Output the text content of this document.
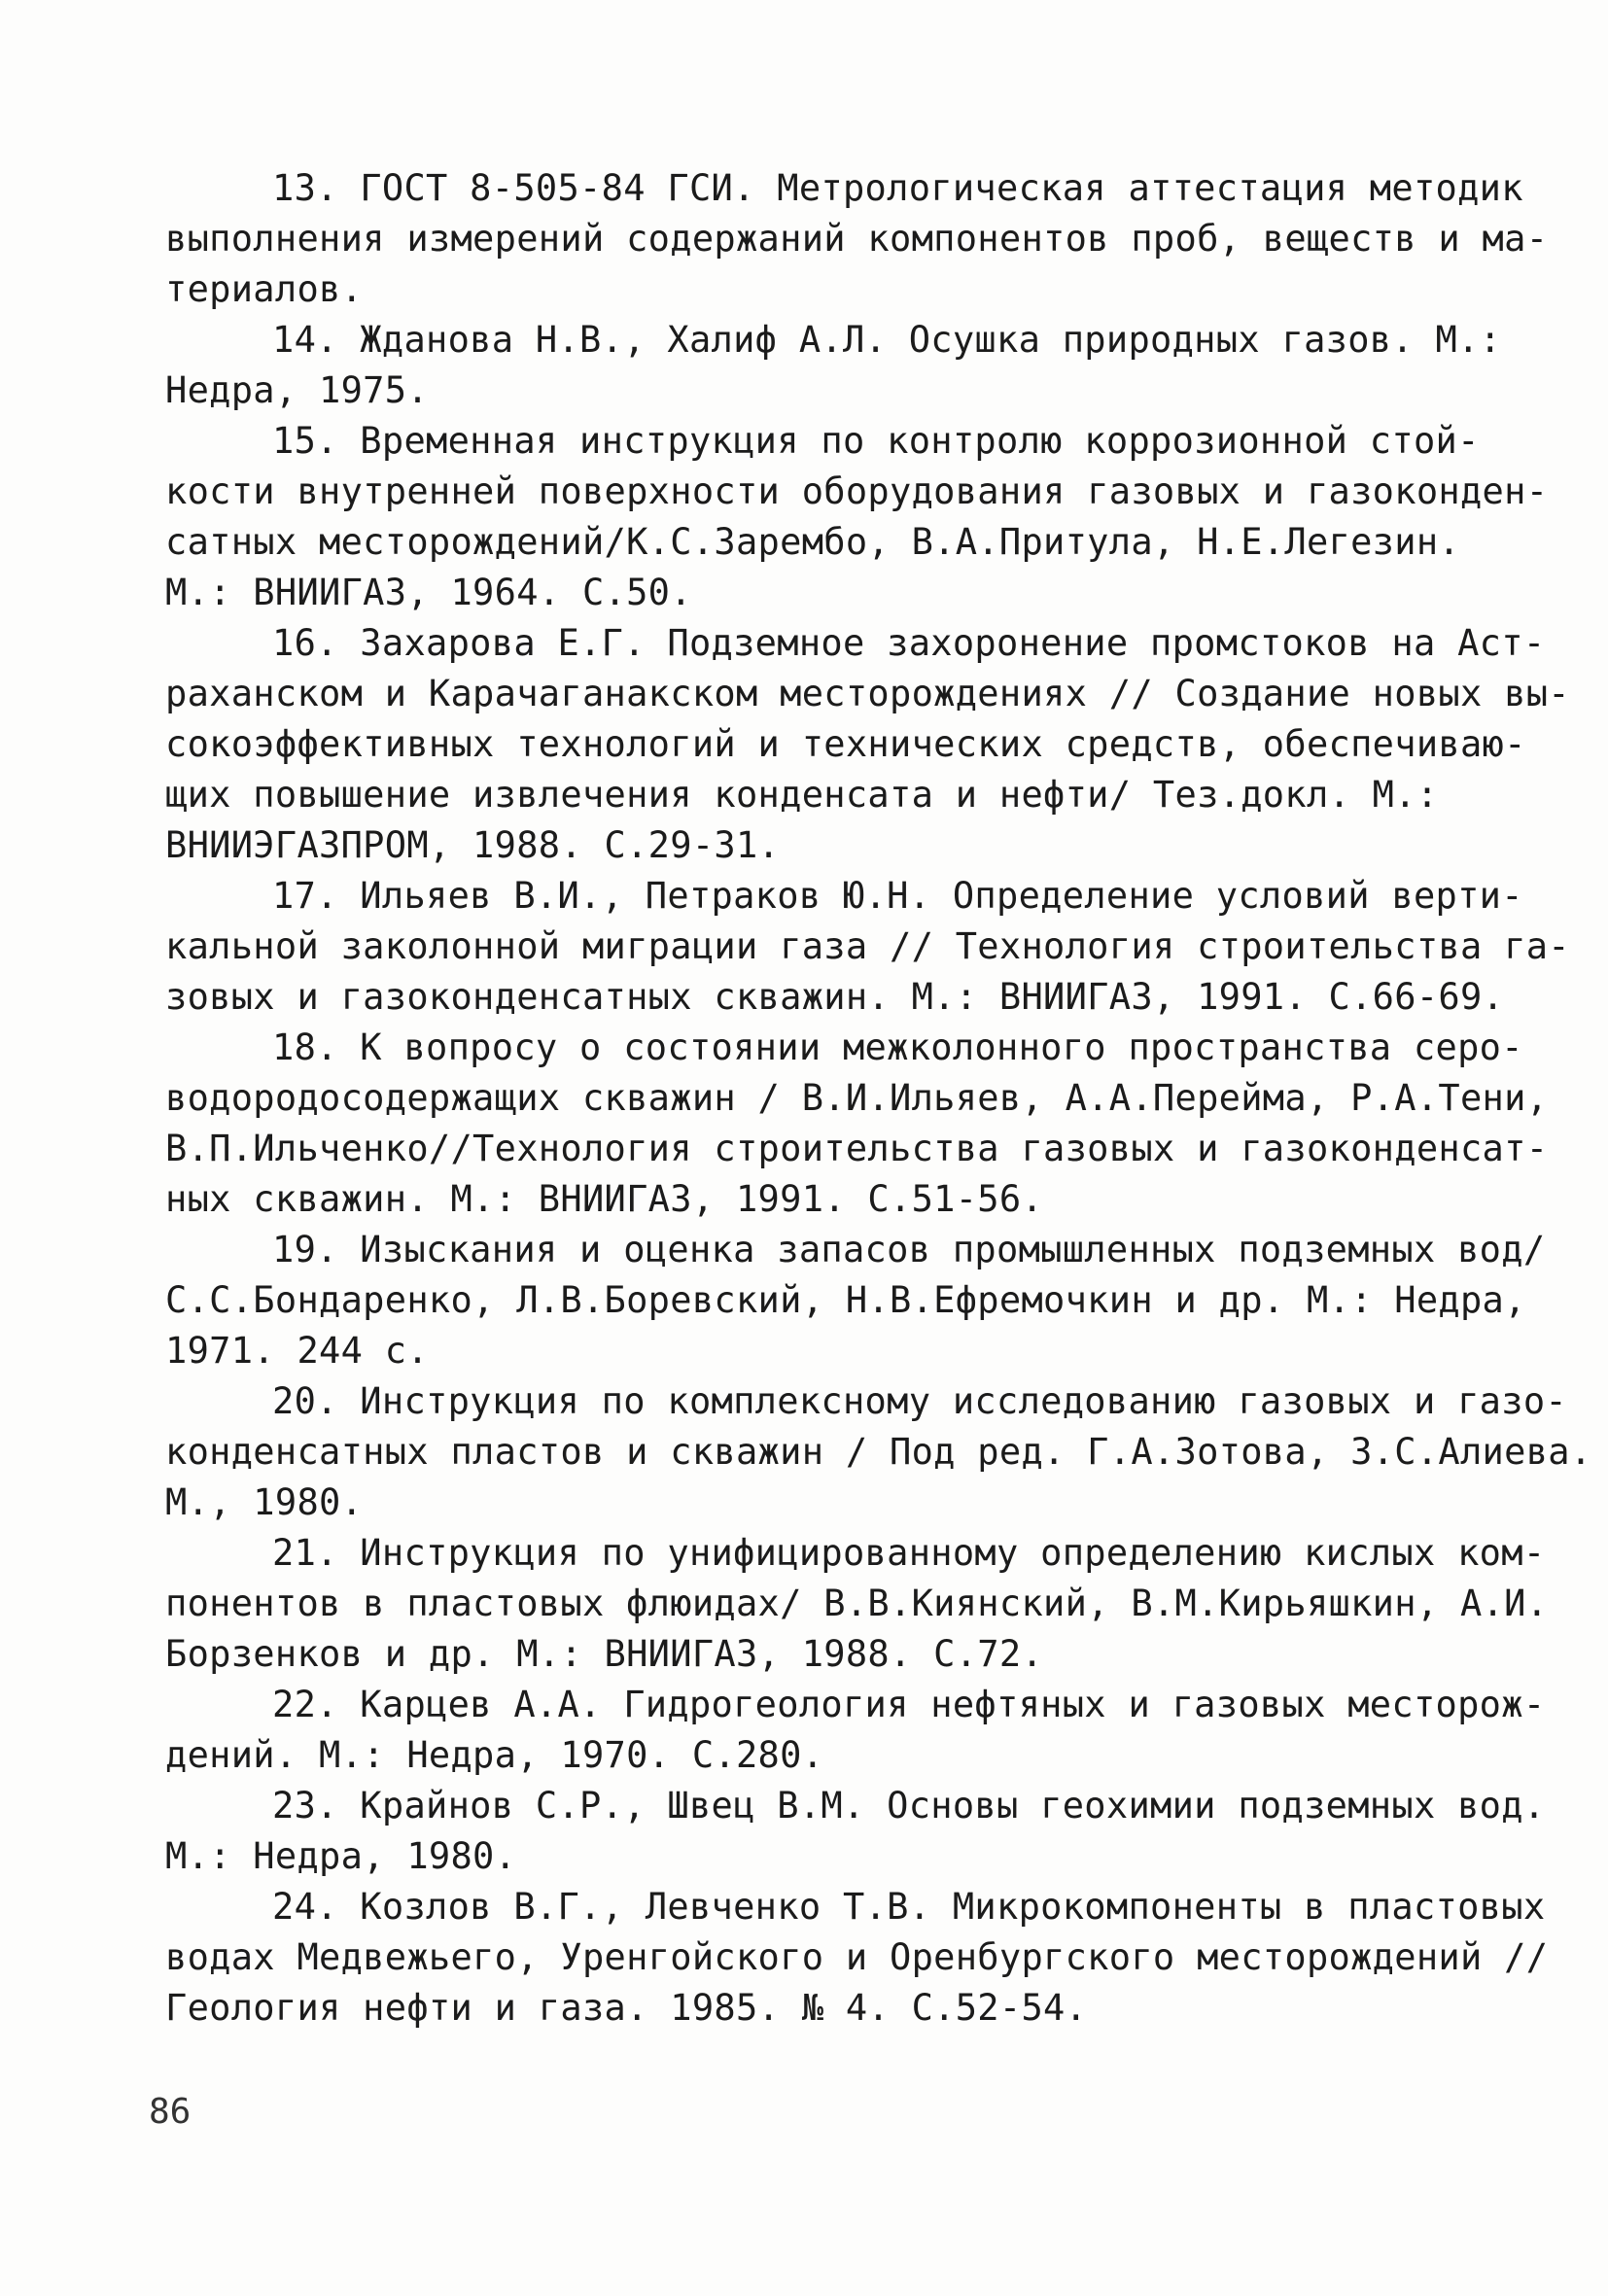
13. ГОСТ 8-505-84 ГСИ. Метрологическая аттестация методик
выполнения измерений содержаний компонентов проб, веществ и ма-
териалов.

14. Жданова Н.В., Халиф А.Л. Осушка природных газов. М.:
Недра, 1975.

15. Временная инструкция по контролю коррозионной стой-
кости внутренней поверхности оборудования газовых и газоконден-
сатных месторождений/К.С.Зарембо, В.А.Притула, Н.Е.Легезин.
М.: ВНИИГАЗ, 1964. С.50.

16. Захарова Е.Г. Подземное захоронение промстоков на Аст-
раханском и Карачаганакском месторождениях // Создание новых вы-
сокоэффективных технологий и технических средств, обеспечиваю-
щих повышение извлечения конденсата и нефти/ Тез.докл. М.:
ВНИИЭГАЗПРОМ, 1988. С.29-31.

17. Ильяев В.И., Петраков Ю.Н. Определение условий верти-
кальной заколонной миграции газа // Технология строительства га-
зовых и газоконденсатных скважин. М.: ВНИИГАЗ, 1991. С.66-69.

18. К вопросу о состоянии межколонного пространства серо-
водородосодержащих скважин / В.И.Ильяев, А.А.Перейма, Р.А.Тени,
В.П.Ильченко//Технология строительства газовых и газоконденсат-
ных скважин. М.: ВНИИГАЗ, 1991. С.51-56.

19. Изыскания и оценка запасов промышленных подземных вод/
С.С.Бондаренко, Л.В.Боревский, Н.В.Ефремочкин и др. М.: Недра,
1971. 244 с.

20. Инструкция по комплексному исследованию газовых и газо-
конденсатных пластов и скважин / Под ред. Г.А.Зотова, З.С.Алиева.
М., 1980.

21. Инструкция по унифицированному определению кислых ком-
понентов в пластовых флюидах/ В.В.Киянский, В.М.Кирьяшкин, А.И.
Борзенков и др. М.: ВНИИГАЗ, 1988. С.72.

22. Карцев А.А. Гидрогеология нефтяных и газовых месторож-
дений. М.: Недра, 1970. С.280.

23. Крайнов С.Р., Швец В.М. Основы геохимии подземных вод.
М.: Недра, 1980.

24. Козлов В.Г., Левченко Т.В. Микрокомпоненты в пластовых
водах Медвежьего, Уренгойского и Оренбургского месторождений //
Геология нефти и газа. 1985. № 4. С.52-54.

86
